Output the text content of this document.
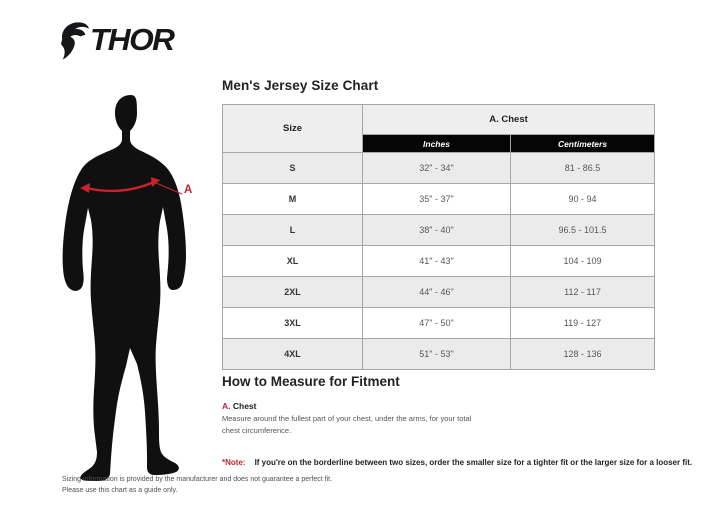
THOR
A
Men's Jersey Size Chart
Size	A. Chest	
	Inches	Centimeters
S	32" - 34"	81 - 86.5
M	35" - 37"	90 - 94
L	38" - 40"	96.5 - 101.5
XL	41" - 43"	104 - 109
2XL	44" - 46"	112 - 117
3XL	47" - 50"	119 - 127
4XL	51" - 53"	128 - 136
How to Measure for Fitment
A. Chest

Measure around the fullest part of your chest, under the arms, for your total chest circumference.

*Note: If you're on the borderline between two sizes, order the smaller size for a tighter fit or the larger size for a looser fit.

Sizing information is provided by the manufacturer and does not guarantee a perfect fit.
Please use this chart as a guide only.
